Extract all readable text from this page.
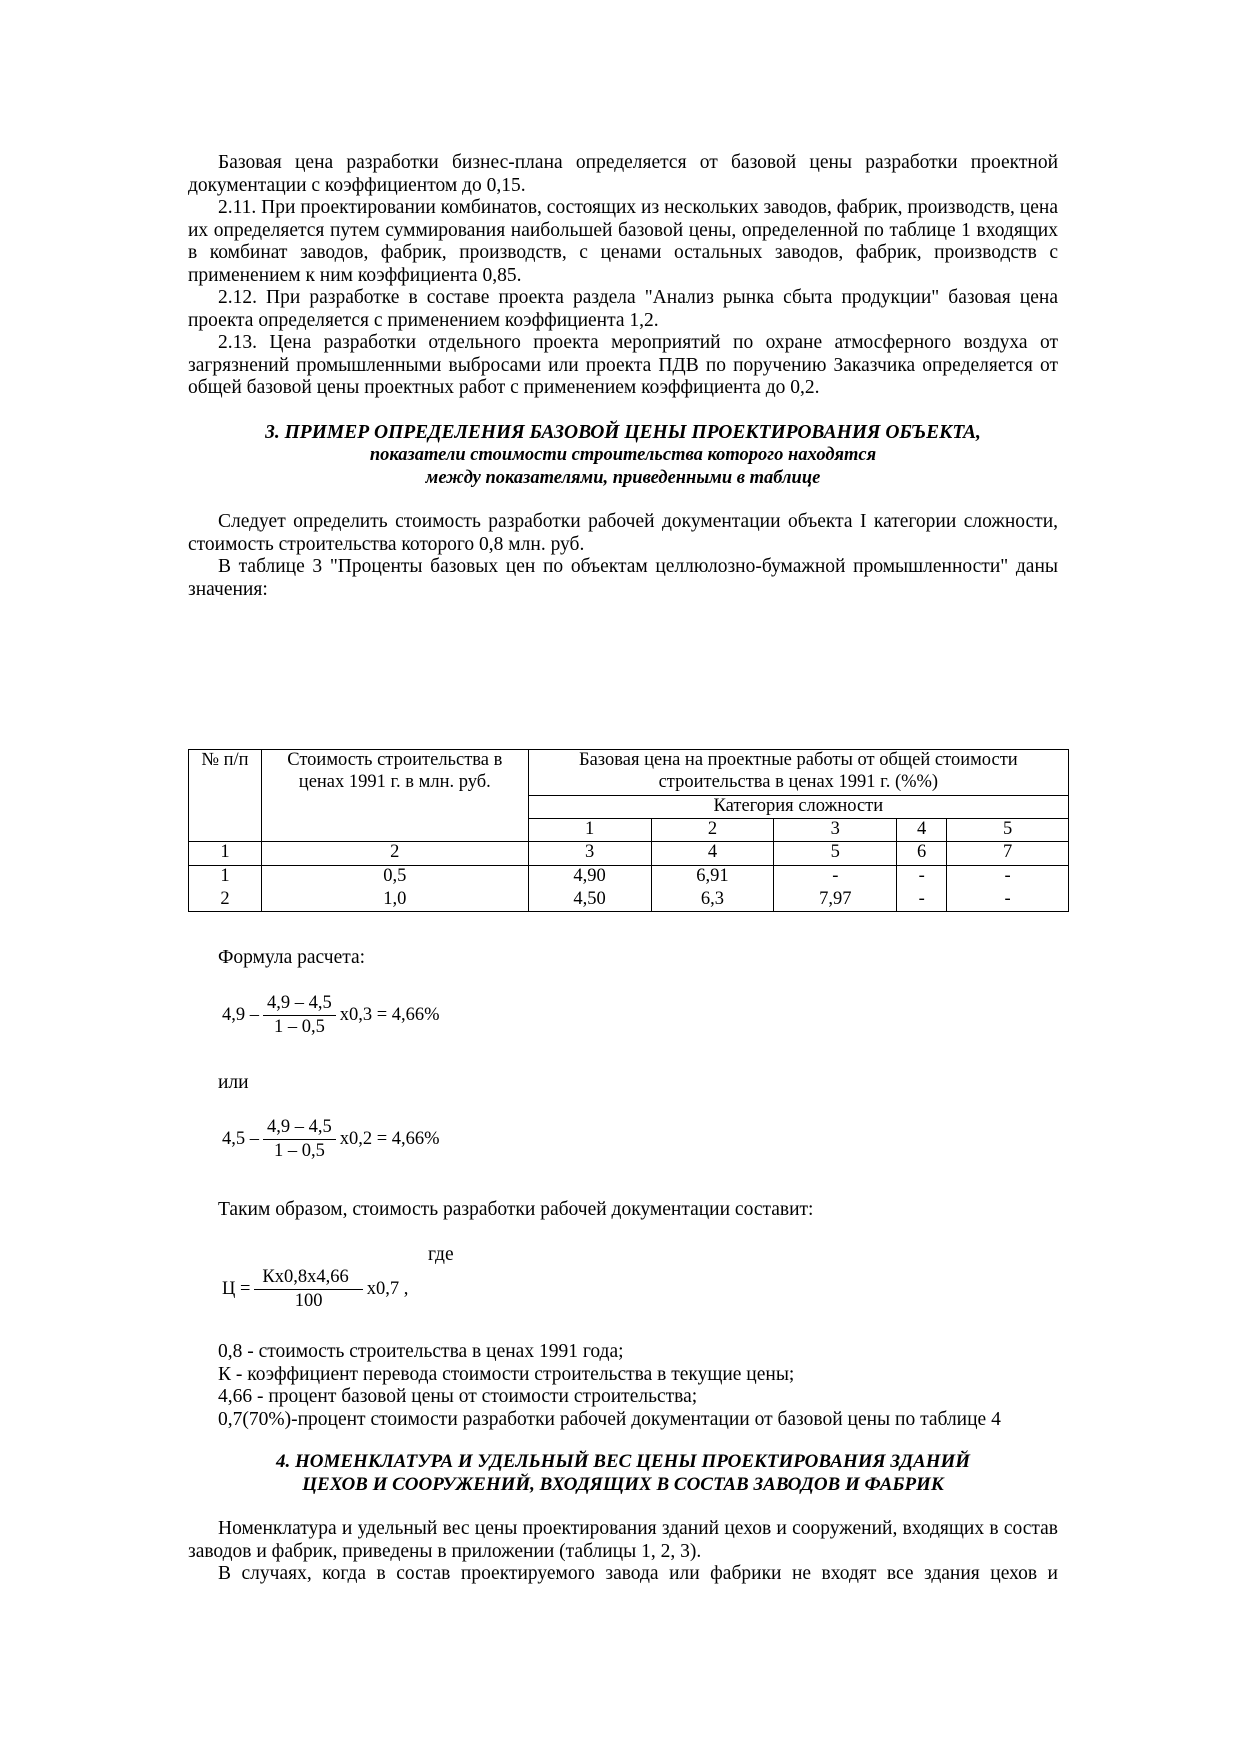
Базовая цена разработки бизнес-плана определяется от базовой цены разработки проектной документации с коэффициентом до 0,15.

2.11. При проектировании комбинатов, состоящих из нескольких заводов, фабрик, производств, цена их определяется путем суммирования наибольшей базовой цены, определенной по таблице 1 входящих в комбинат заводов, фабрик, производств, с ценами остальных заводов, фабрик, производств с применением к ним коэффициента 0,85.

2.12. При разработке в составе проекта раздела "Анализ рынка сбыта продукции" базовая цена проекта определяется с применением коэффициента 1,2.

2.13. Цена разработки отдельного проекта мероприятий по охране атмосферного воздуха от загрязнений промышленными выбросами или проекта ПДВ по поручению Заказчика определяется от общей базовой цены проектных работ с применением коэффициента до 0,2.

3. ПРИМЕР ОПРЕДЕЛЕНИЯ БАЗОВОЙ ЦЕНЫ ПРОЕКТИРОВАНИЯ ОБЪЕКТА,
показатели стоимости строительства которого находятся
между показателями, приведенными в таблице

Следует определить стоимость разработки рабочей документации объекта I категории сложности, стоимость строительства которого 0,8 млн. руб.

В таблице 3 "Проценты базовых цен по объектам целлюлозно-бумажной промышленности" даны значения:

№ п/п	Стоимость строительства в ценах 1991 г. в млн. руб.	Базовая цена на проектные работы от общей стоимости строительства в ценах 1991 г. (%%)				
		Категория сложности				
		1	2	3	4	5
1	2	3	4	5	6	7
1	0,5	4,90	6,91	-	-	-
2	1,0	4,50	6,3	7,97	-	-
Формула расчета:
$4,9 - \frac{4,9 - 4,5}{1 - 0,5} x0,3 = 4,66\%$
или
$4,5 - \frac{4,9 - 4,5}{1 - 0,5} x0,2 = 4,66\%$
Таким образом, стоимость разработки рабочей документации составит:
где
$Ц = \frac{Кx0,8x4,66}{100} x0,7$ ,
0,8 - стоимость строительства в ценах 1991 года;
К - коэффициент перевода стоимости строительства в текущие цены;
4,66 - процент базовой цены от стоимости строительства;
0,7(70%)-процент стоимости разработки рабочей документации от базовой цены по таблице 4
4. НОМЕНКЛАТУРА И УДЕЛЬНЫЙ ВЕС ЦЕНЫ ПРОЕКТИРОВАНИЯ ЗДАНИЙ
ЦЕХОВ И СООРУЖЕНИЙ, ВХОДЯЩИХ В СОСТАВ ЗАВОДОВ И ФАБРИК

Номенклатура и удельный вес цены проектирования зданий цехов и сооружений, входящих в состав заводов и фабрик, приведены в приложении (таблицы 1, 2, 3).

В случаях, когда в состав проектируемого завода или фабрики не входят все здания цехов и
